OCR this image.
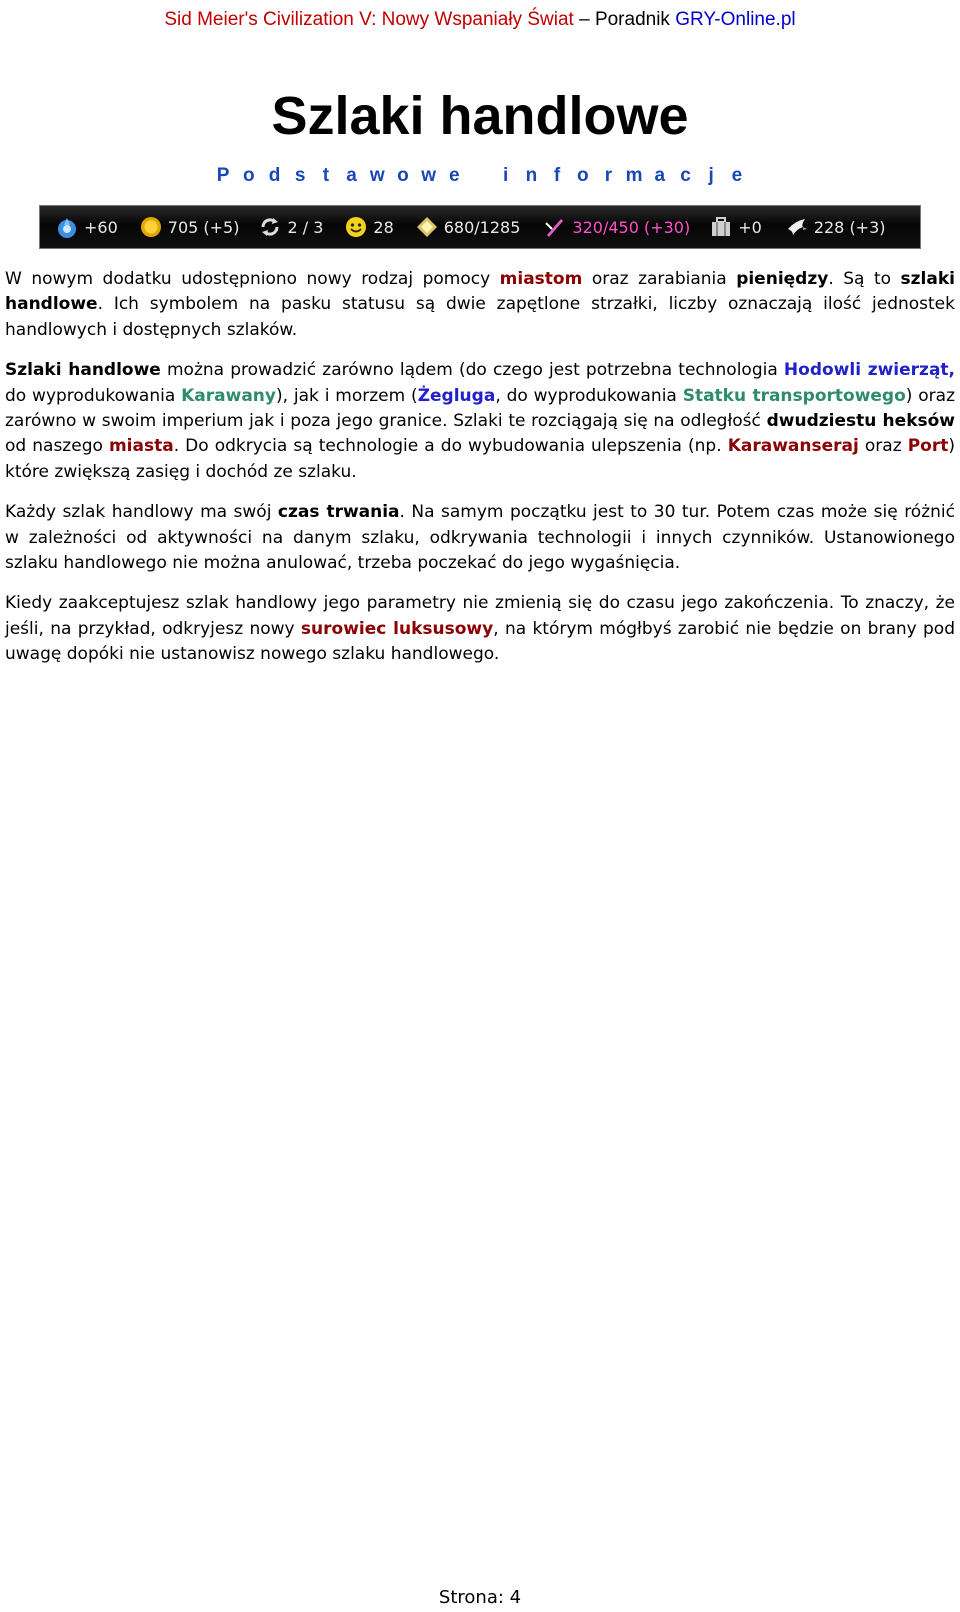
Sid Meier's Civilization V: Nowy Wspaniały Świat – Poradnik GRY-Online.pl
Szlaki handlowe
P o d s t a w o w e i n f o r m a c j e
+60	705 (+5)	2 / 3	28	680/1285	320/450 (+30)	+0	228 (+3)

W nowym dodatku udostępniono nowy rodzaj pomocy miastom oraz zarabiania pieniędzy. Są to szlaki handlowe. Ich symbolem na pasku statusu są dwie zapętlone strzałki, liczby oznaczają ilość jednostek handlowych i dostępnych szlaków.

Szlaki handlowe można prowadzić zarówno lądem (do czego jest potrzebna technologia Hodowli zwierząt, do wyprodukowania Karawany), jak i morzem (Żegluga, do wyprodukowania Statku transportowego) oraz zarówno w swoim imperium jak i poza jego granice. Szlaki te rozciągają się na odległość dwudziestu heksów od naszego miasta. Do odkrycia są technologie a do wybudowania ulepszenia (np. Karawanseraj oraz Port) które zwiększą zasięg i dochód ze szlaku.

Każdy szlak handlowy ma swój czas trwania. Na samym początku jest to 30 tur. Potem czas może się różnić w zależności od aktywności na danym szlaku, odkrywania technologii i innych czynników. Ustanowionego szlaku handlowego nie można anulować, trzeba poczekać do jego wygaśnięcia.

Kiedy zaakceptujesz szlak handlowy jego parametry nie zmienią się do czasu jego zakończenia. To znaczy, że jeśli, na przykład, odkryjesz nowy surowiec luksusowy, na którym mógłbyś zarobić nie będzie on brany pod uwagę dopóki nie ustanowisz nowego szlaku handlowego.

Strona: 4
